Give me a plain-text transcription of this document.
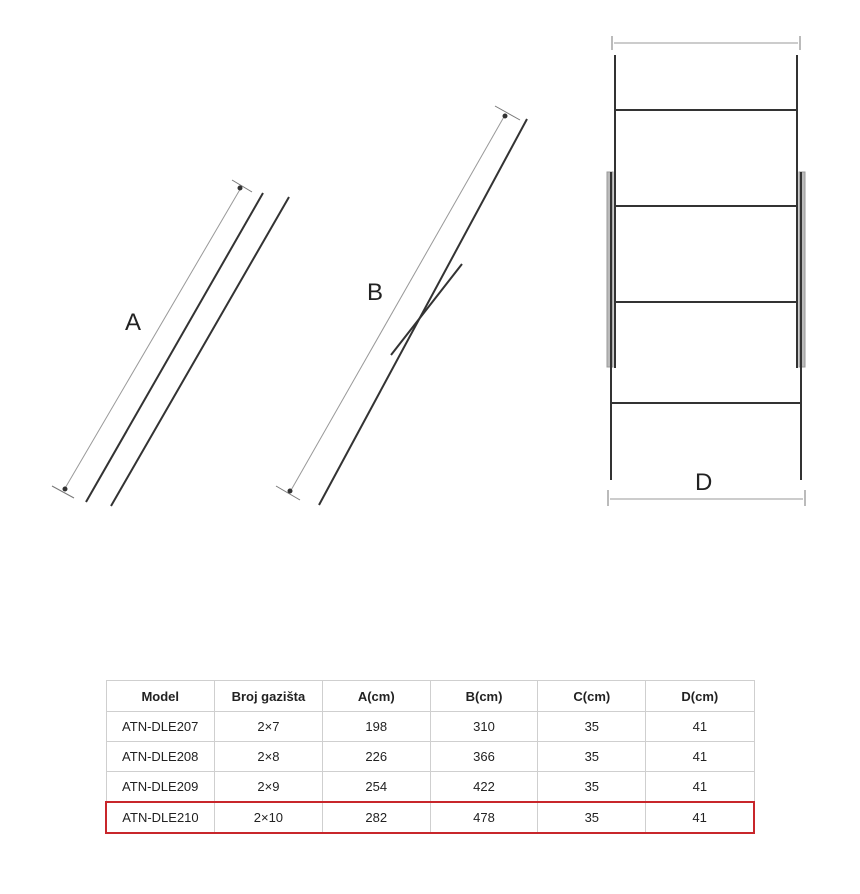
A
B
D
Model	Broj gazišta	A(cm)	B(cm)	C(cm)	D(cm)
ATN-DLE207	2×7	198	310	35	41
ATN-DLE208	2×8	226	366	35	41
ATN-DLE209	2×9	254	422	35	41
ATN-DLE210	2×10	282	478	35	41
